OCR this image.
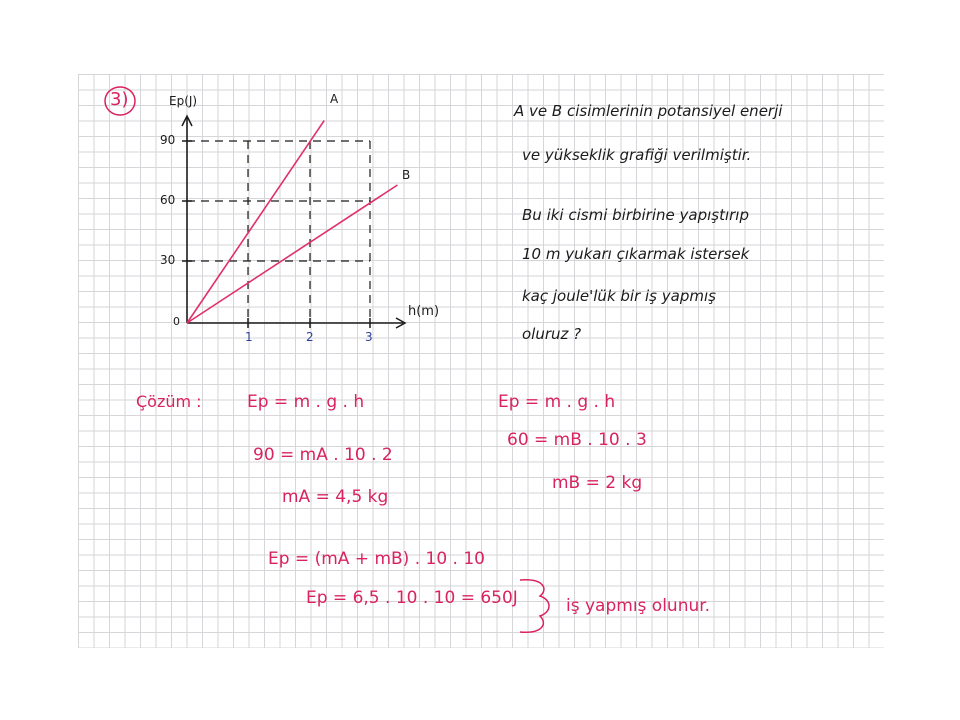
3)	Ep(J)
h(m)
0
90
60
30
1	2	3
A
B
A ve B cisimlerinin potansiyel enerji
ve yükseklik grafiği verilmiştir.
Bu iki cismi birbirine yapıştırıp
10 m yukarı çıkarmak istersek
kaç joule'lük bir iş yapmış
oluruz ?
Çözüm :	Ep = m . g . h
90 = mA . 10 . 2
mA = 4,5 kg
Ep = m . g . h
60 = mB . 10 . 3
mB = 2 kg
Ep = (mA + mB) . 10 . 10
Ep = 6,5 . 10 . 10 = 650J	iş yapmış olunur.
